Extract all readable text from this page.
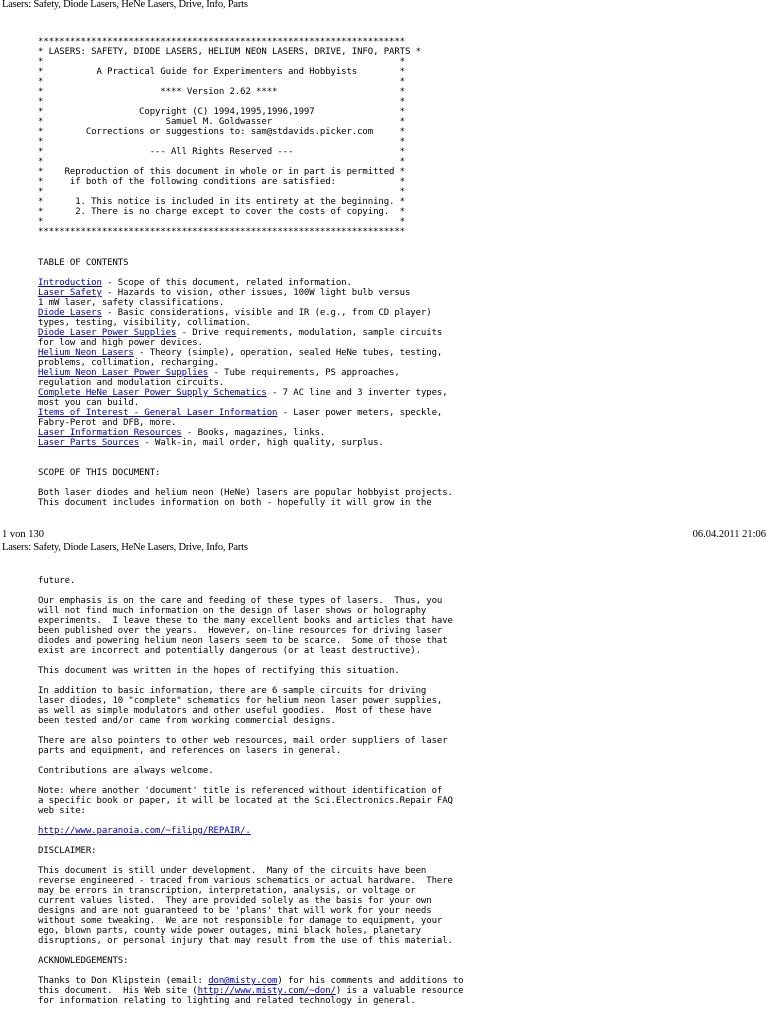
Lasers: Safety, Diode Lasers, HeNe Lasers, Drive, Info, Parts
*********************************************************************
* LASERS: SAFETY, DIODE LASERS, HELIUM NEON LASERS, DRIVE, INFO, PARTS *
*                                                                   *
*          A Practical Guide for Experimenters and Hobbyists        *
*                                                                   *
*                      **** Version 2.62 ****                       *
*                                                                   *
*                  Copyright (C) 1994,1995,1996,1997                *
*                       Samuel M. Goldwasser                        *
*        Corrections or suggestions to: sam@stdavids.picker.com     *
*                                                                   *
*                    --- All Rights Reserved ---                    *
*                                                                   *
*    Reproduction of this document in whole or in part is permitted *
*     if both of the following conditions are satisfied:            *
*                                                                   *
*      1. This notice is included in its entirety at the beginning. *
*      2. There is no charge except to cover the costs of copying.  *
*                                                                   *
*********************************************************************
TABLE OF CONTENTS

Introduction - Scope of this document, related information.
Laser Safety - Hazards to vision, other issues, 100W light bulb versus
1 mW laser, safety classifications.
Diode Lasers - Basic considerations, visible and IR (e.g., from CD player)
types, testing, visibility, collimation.
Diode Laser Power Supplies - Drive requirements, modulation, sample circuits
for low and high power devices.
Helium Neon Lasers - Theory (simple), operation, sealed HeNe tubes, testing,
problems, collimation, recharging.
Helium Neon Laser Power Supplies - Tube requirements, PS approaches,
regulation and modulation circuits.
Complete HeNe Laser Power Supply Schematics - 7 AC line and 3 inverter types,
most you can build.
Items of Interest - General Laser Information - Laser power meters, speckle,
Fabry-Perot and DFB, more.
Laser Information Resources - Books, magazines, links.
Laser Parts Sources - Walk-in, mail order, high quality, surplus.
SCOPE OF THIS DOCUMENT:

Both laser diodes and helium neon (HeNe) lasers are popular hobbyist projects.
This document includes information on both - hopefully it will grow in the
1 von 130	06.04.2011 21:06
Lasers: Safety, Diode Lasers, HeNe Lasers, Drive, Info, Parts
future.

Our emphasis is on the care and feeding of these types of lasers.  Thus, you
will not find much information on the design of laser shows or holography
experiments.  I leave these to the many excellent books and articles that have
been published over the years.  However, on-line resources for driving laser
diodes and powering helium neon lasers seem to be scarce.  Some of those that
exist are incorrect and potentially dangerous (or at least destructive).

This document was written in the hopes of rectifying this situation.

In addition to basic information, there are 6 sample circuits for driving
laser diodes, 10 "complete" schematics for helium neon laser power supplies,
as well as simple modulators and other useful goodies.  Most of these have
been tested and/or came from working commercial designs.

There are also pointers to other web resources, mail order suppliers of laser
parts and equipment, and references on lasers in general.

Contributions are always welcome.

Note: where another 'document' title is referenced without identification of
a specific book or paper, it will be located at the Sci.Electronics.Repair FAQ
web site:

http://www.paranoia.com/~filipg/REPAIR/.

DISCLAIMER:

This document is still under development.  Many of the circuits have been
reverse engineered - traced from various schematics or actual hardware.  There
may be errors in transcription, interpretation, analysis, or voltage or
current values listed.  They are provided solely as the basis for your own
designs and are not guaranteed to be 'plans' that will work for your needs
without some tweaking.  We are not responsible for damage to equipment, your
ego, blown parts, county wide power outages, mini black holes, planetary
disruptions, or personal injury that may result from the use of this material.

ACKNOWLEDGEMENTS:

Thanks to Don Klipstein (email: don@misty.com) for his comments and additions to
this document.  His Web site (http://www.misty.com/~don/) is a valuable resource
for information relating to lighting and related technology in general.
